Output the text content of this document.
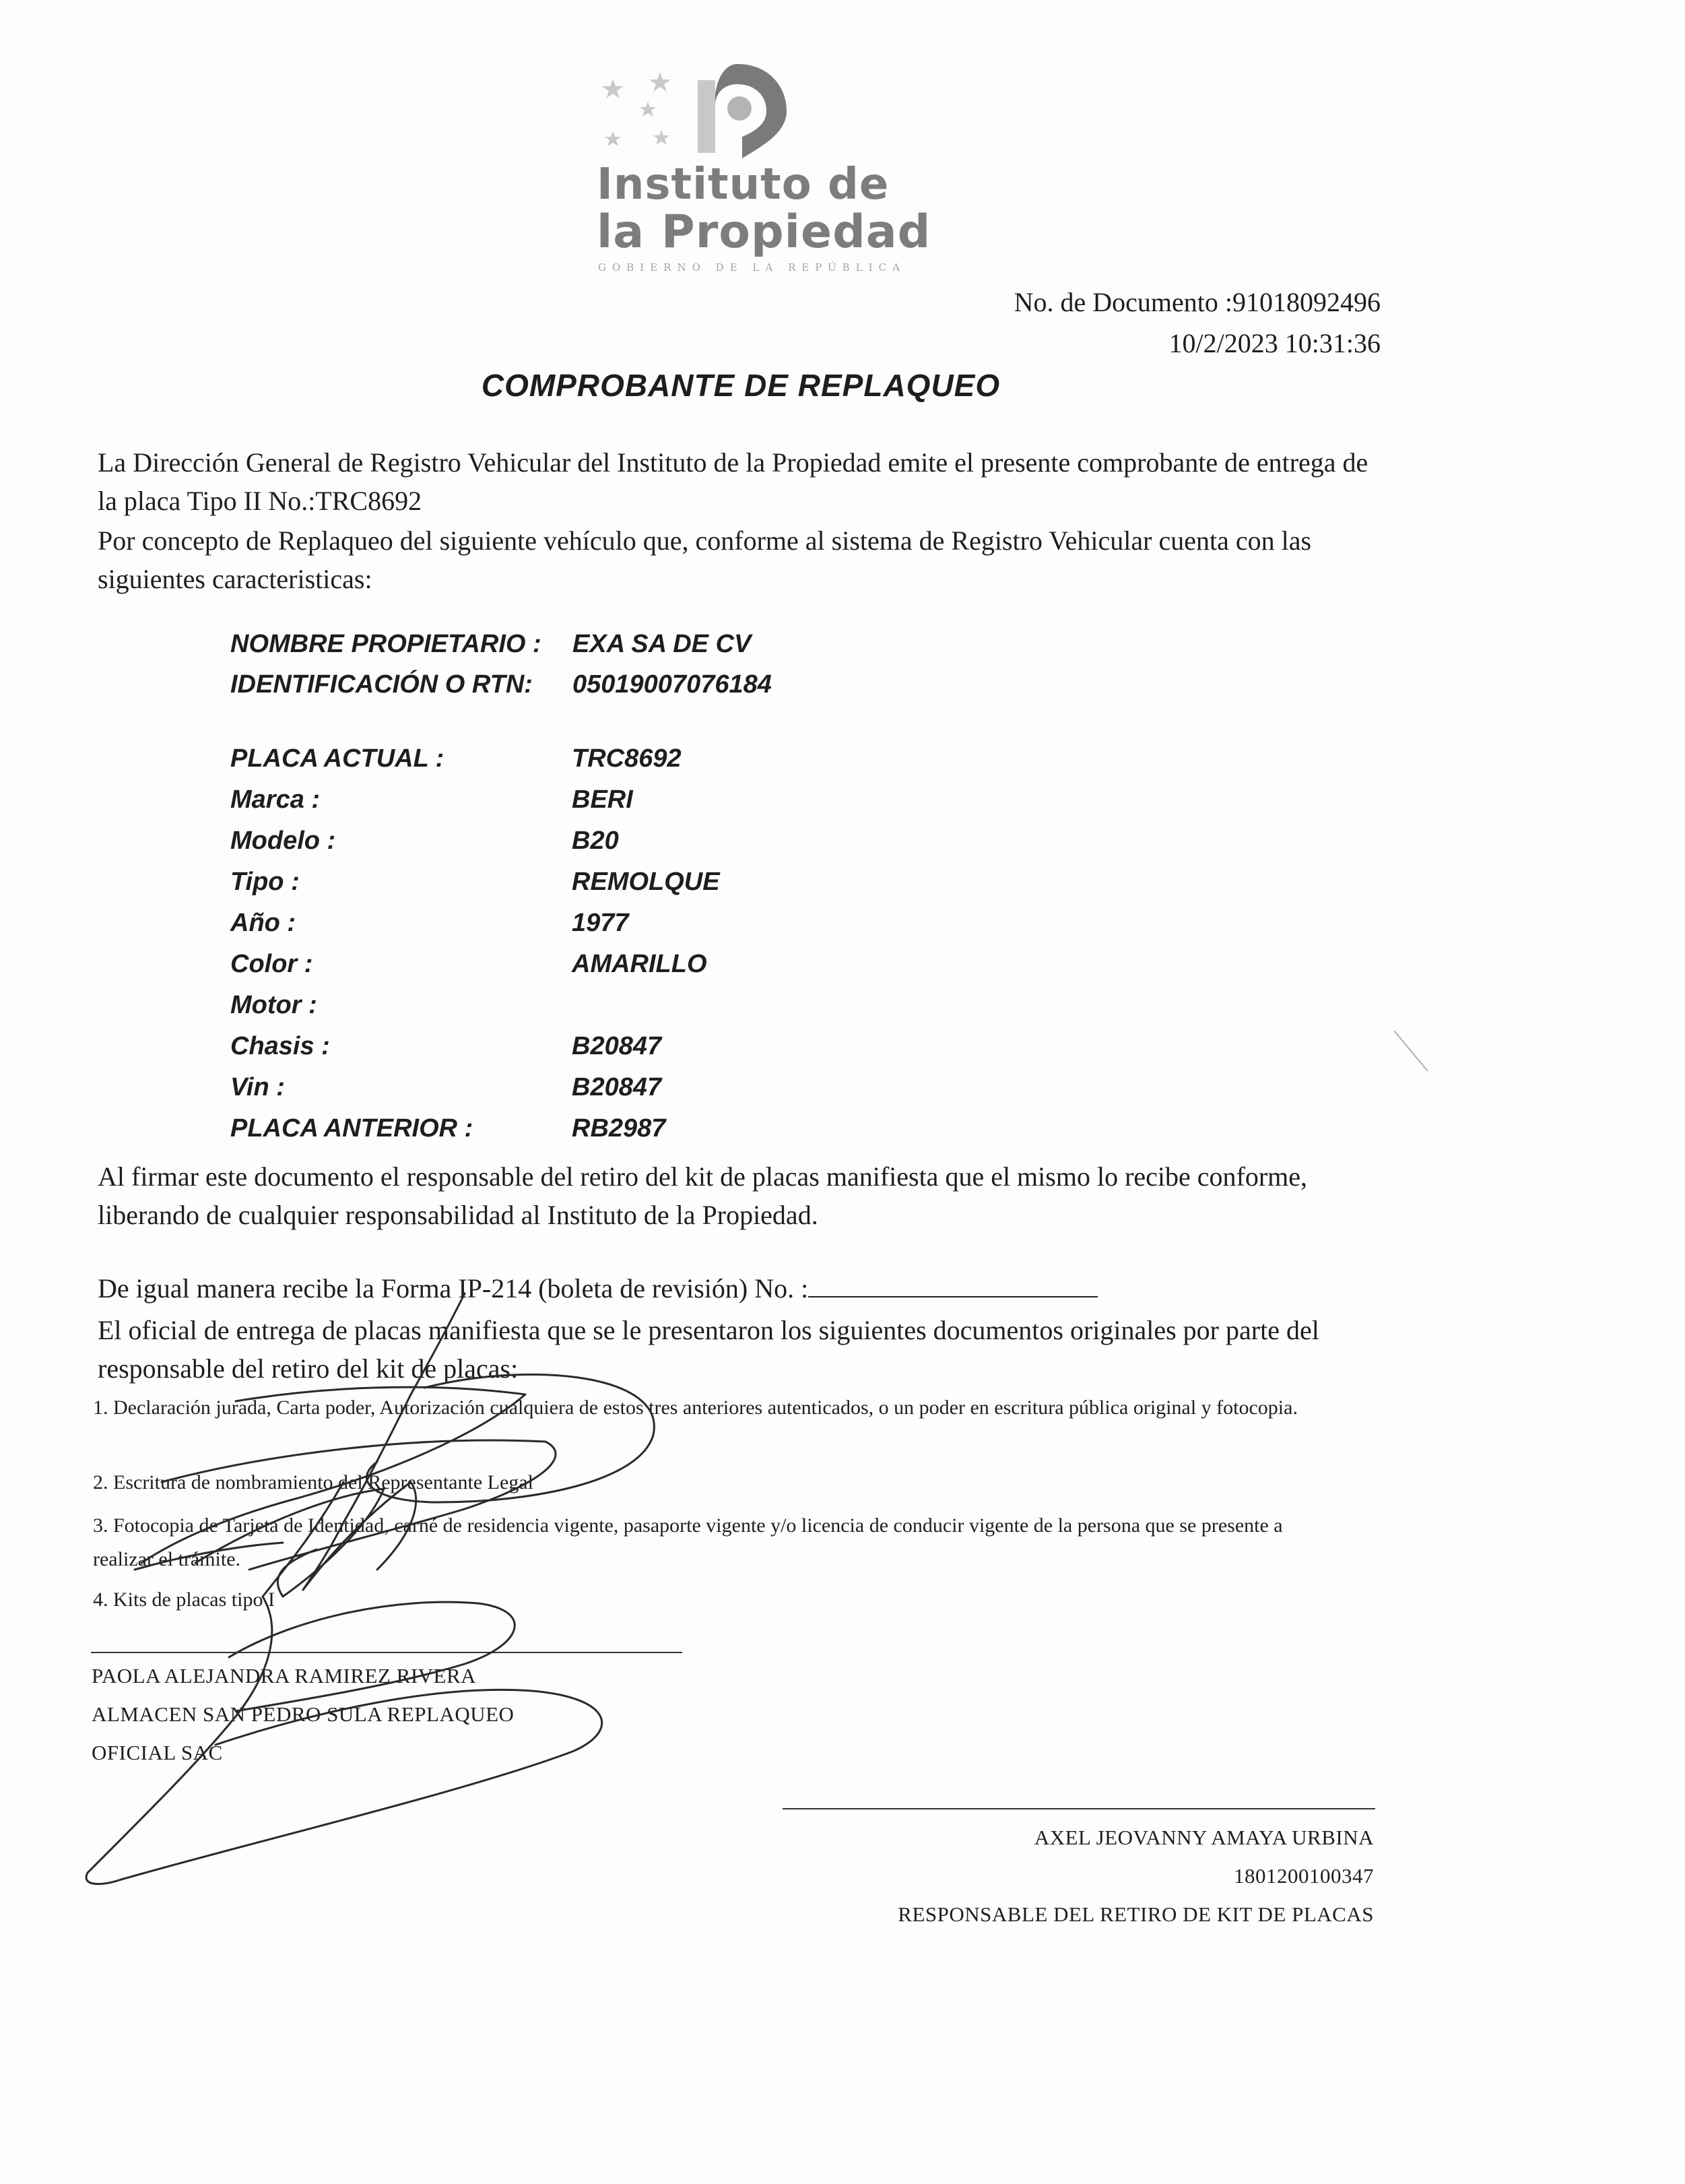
Instituto de
la Propiedad
GOBIERNO DE LA REPÚBLICA
No. de Documento :91018092496
10/2/2023 10:31:36
COMPROBANTE DE REPLAQUEO
La Dirección General de Registro Vehicular del Instituto de la Propiedad emite el presente comprobante de entrega de la placa Tipo II No.:TRC8692
Por concepto de Replaqueo del siguiente vehículo que, conforme al sistema de Registro Vehicular cuenta con las siguientes caracteristicas:
NOMBRE PROPIETARIO : EXA SA DE CV
IDENTIFICACIÓN O RTN: 05019007076184
PLACA ACTUAL :	TRC8692
Marca :	BERI
Modelo :	B20
Tipo :	REMOLQUE
Año :	1977
Color :	AMARILLO
Motor :
Chasis :	B20847
Vin :	B20847
PLACA ANTERIOR :	RB2987
Al firmar este documento el responsable del retiro del kit de placas manifiesta que el mismo lo recibe conforme, liberando de cualquier responsabilidad al Instituto de la Propiedad.
De igual manera recibe la Forma IP-214 (boleta de revisión) No. :
El oficial de entrega de placas manifiesta que se le presentaron los siguientes documentos originales por parte del responsable del retiro del kit de placas:
1. Declaración jurada, Carta poder, Autorización cualquiera de estos tres anteriores autenticados, o un poder en escritura pública original y fotocopia.
2. Escritura de nombramiento del Representante Legal
3. Fotocopia de Tarjeta de Identidad, carné de residencia vigente, pasaporte vigente y/o licencia de conducir vigente de la persona que se presente a realizar el trámite.
4. Kits de placas tipo I
PAOLA ALEJANDRA RAMIREZ RIVERA
ALMACEN SAN PEDRO SULA REPLAQUEO
OFICIAL SAC
AXEL JEOVANNY AMAYA URBINA
1801200100347
RESPONSABLE DEL RETIRO DE KIT DE PLACAS
